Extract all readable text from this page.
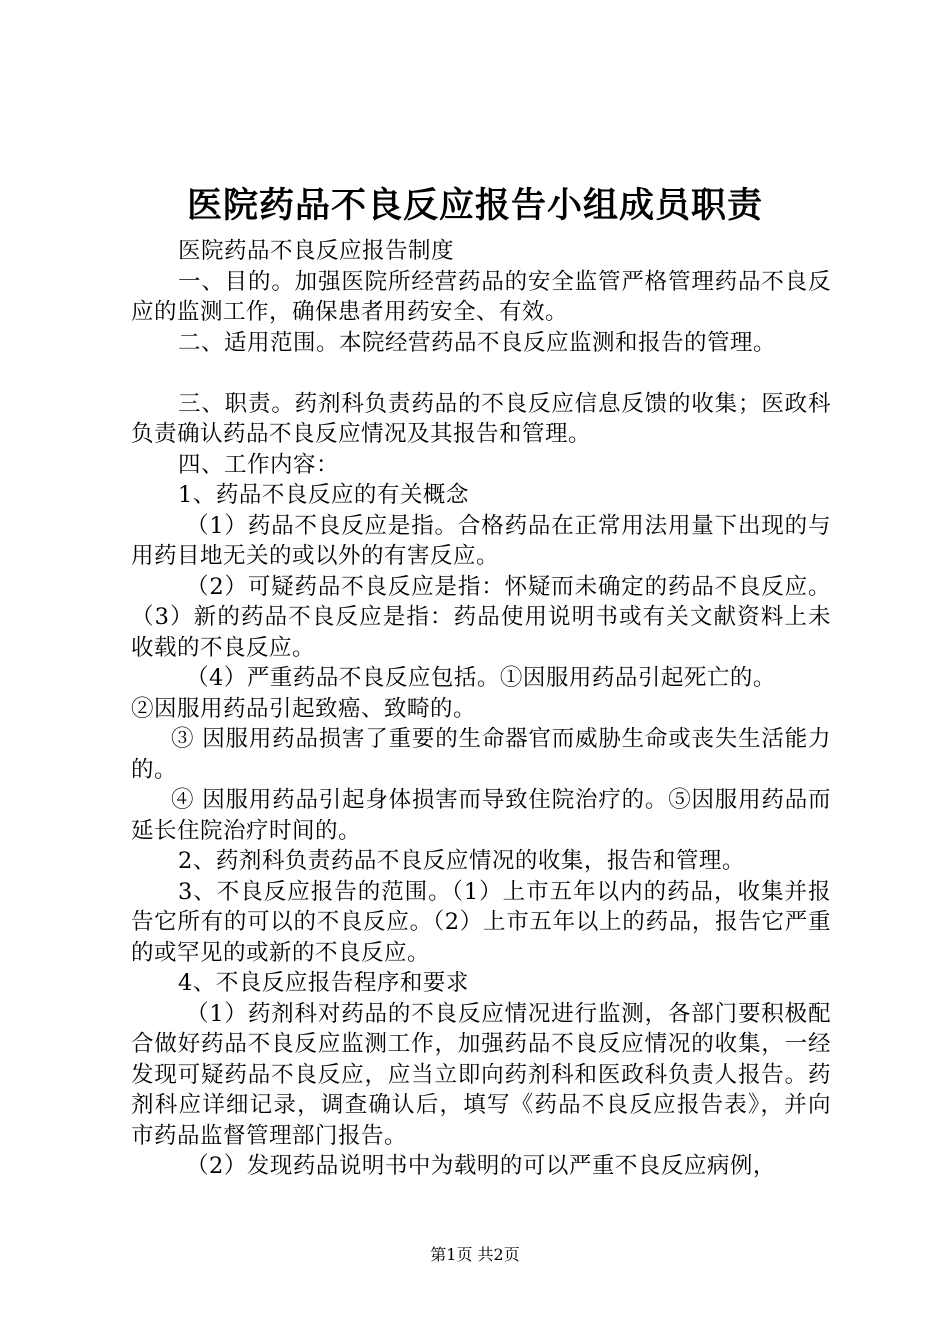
医院药品不良反应报告小组成员职责

医院药品不良反应报告制度

一、目的。加强医院所经营药品的安全监管严格管理药品不良反应的监测工作，确保患者用药安全、有效。

二、适用范围。本院经营药品不良反应监测和报告的管理。

三、职责。药剂科负责药品的不良反应信息反馈的收集；医政科负责确认药品不良反应情况及其报告和管理。

四、工作内容：

1、药品不良反应的有关概念

（1）药品不良反应是指。合格药品在正常用法用量下出现的与用药目地无关的或以外的有害反应。

（2）可疑药品不良反应是指：怀疑而未确定的药品不良反应。（3）新的药品不良反应是指：药品使用说明书或有关文献资料上未收载的不良反应。

（4）严重药品不良反应包括。①因服用药品引起死亡的。

②因服用药品引起致癌、致畸的。

③ 因服用药品损害了重要的生命器官而威胁生命或丧失生活能力的。

④ 因服用药品引起身体损害而导致住院治疗的。⑤因服用药品而延长住院治疗时间的。

2、药剂科负责药品不良反应情况的收集，报告和管理。

3、不良反应报告的范围。（1）上市五年以内的药品，收集并报告它所有的可以的不良反应。（2）上市五年以上的药品，报告它严重的或罕见的或新的不良反应。

4、不良反应报告程序和要求

（1）药剂科对药品的不良反应情况进行监测，各部门要积极配合做好药品不良反应监测工作，加强药品不良反应情况的收集，一经发现可疑药品不良反应，应当立即向药剂科和医政科负责人报告。药剂科应详细记录，调查确认后，填写《药品不良反应报告表》，并向市药品监督管理部门报告。

（2）发现药品说明书中为载明的可以严重不良反应病例，

第1页 共2页
